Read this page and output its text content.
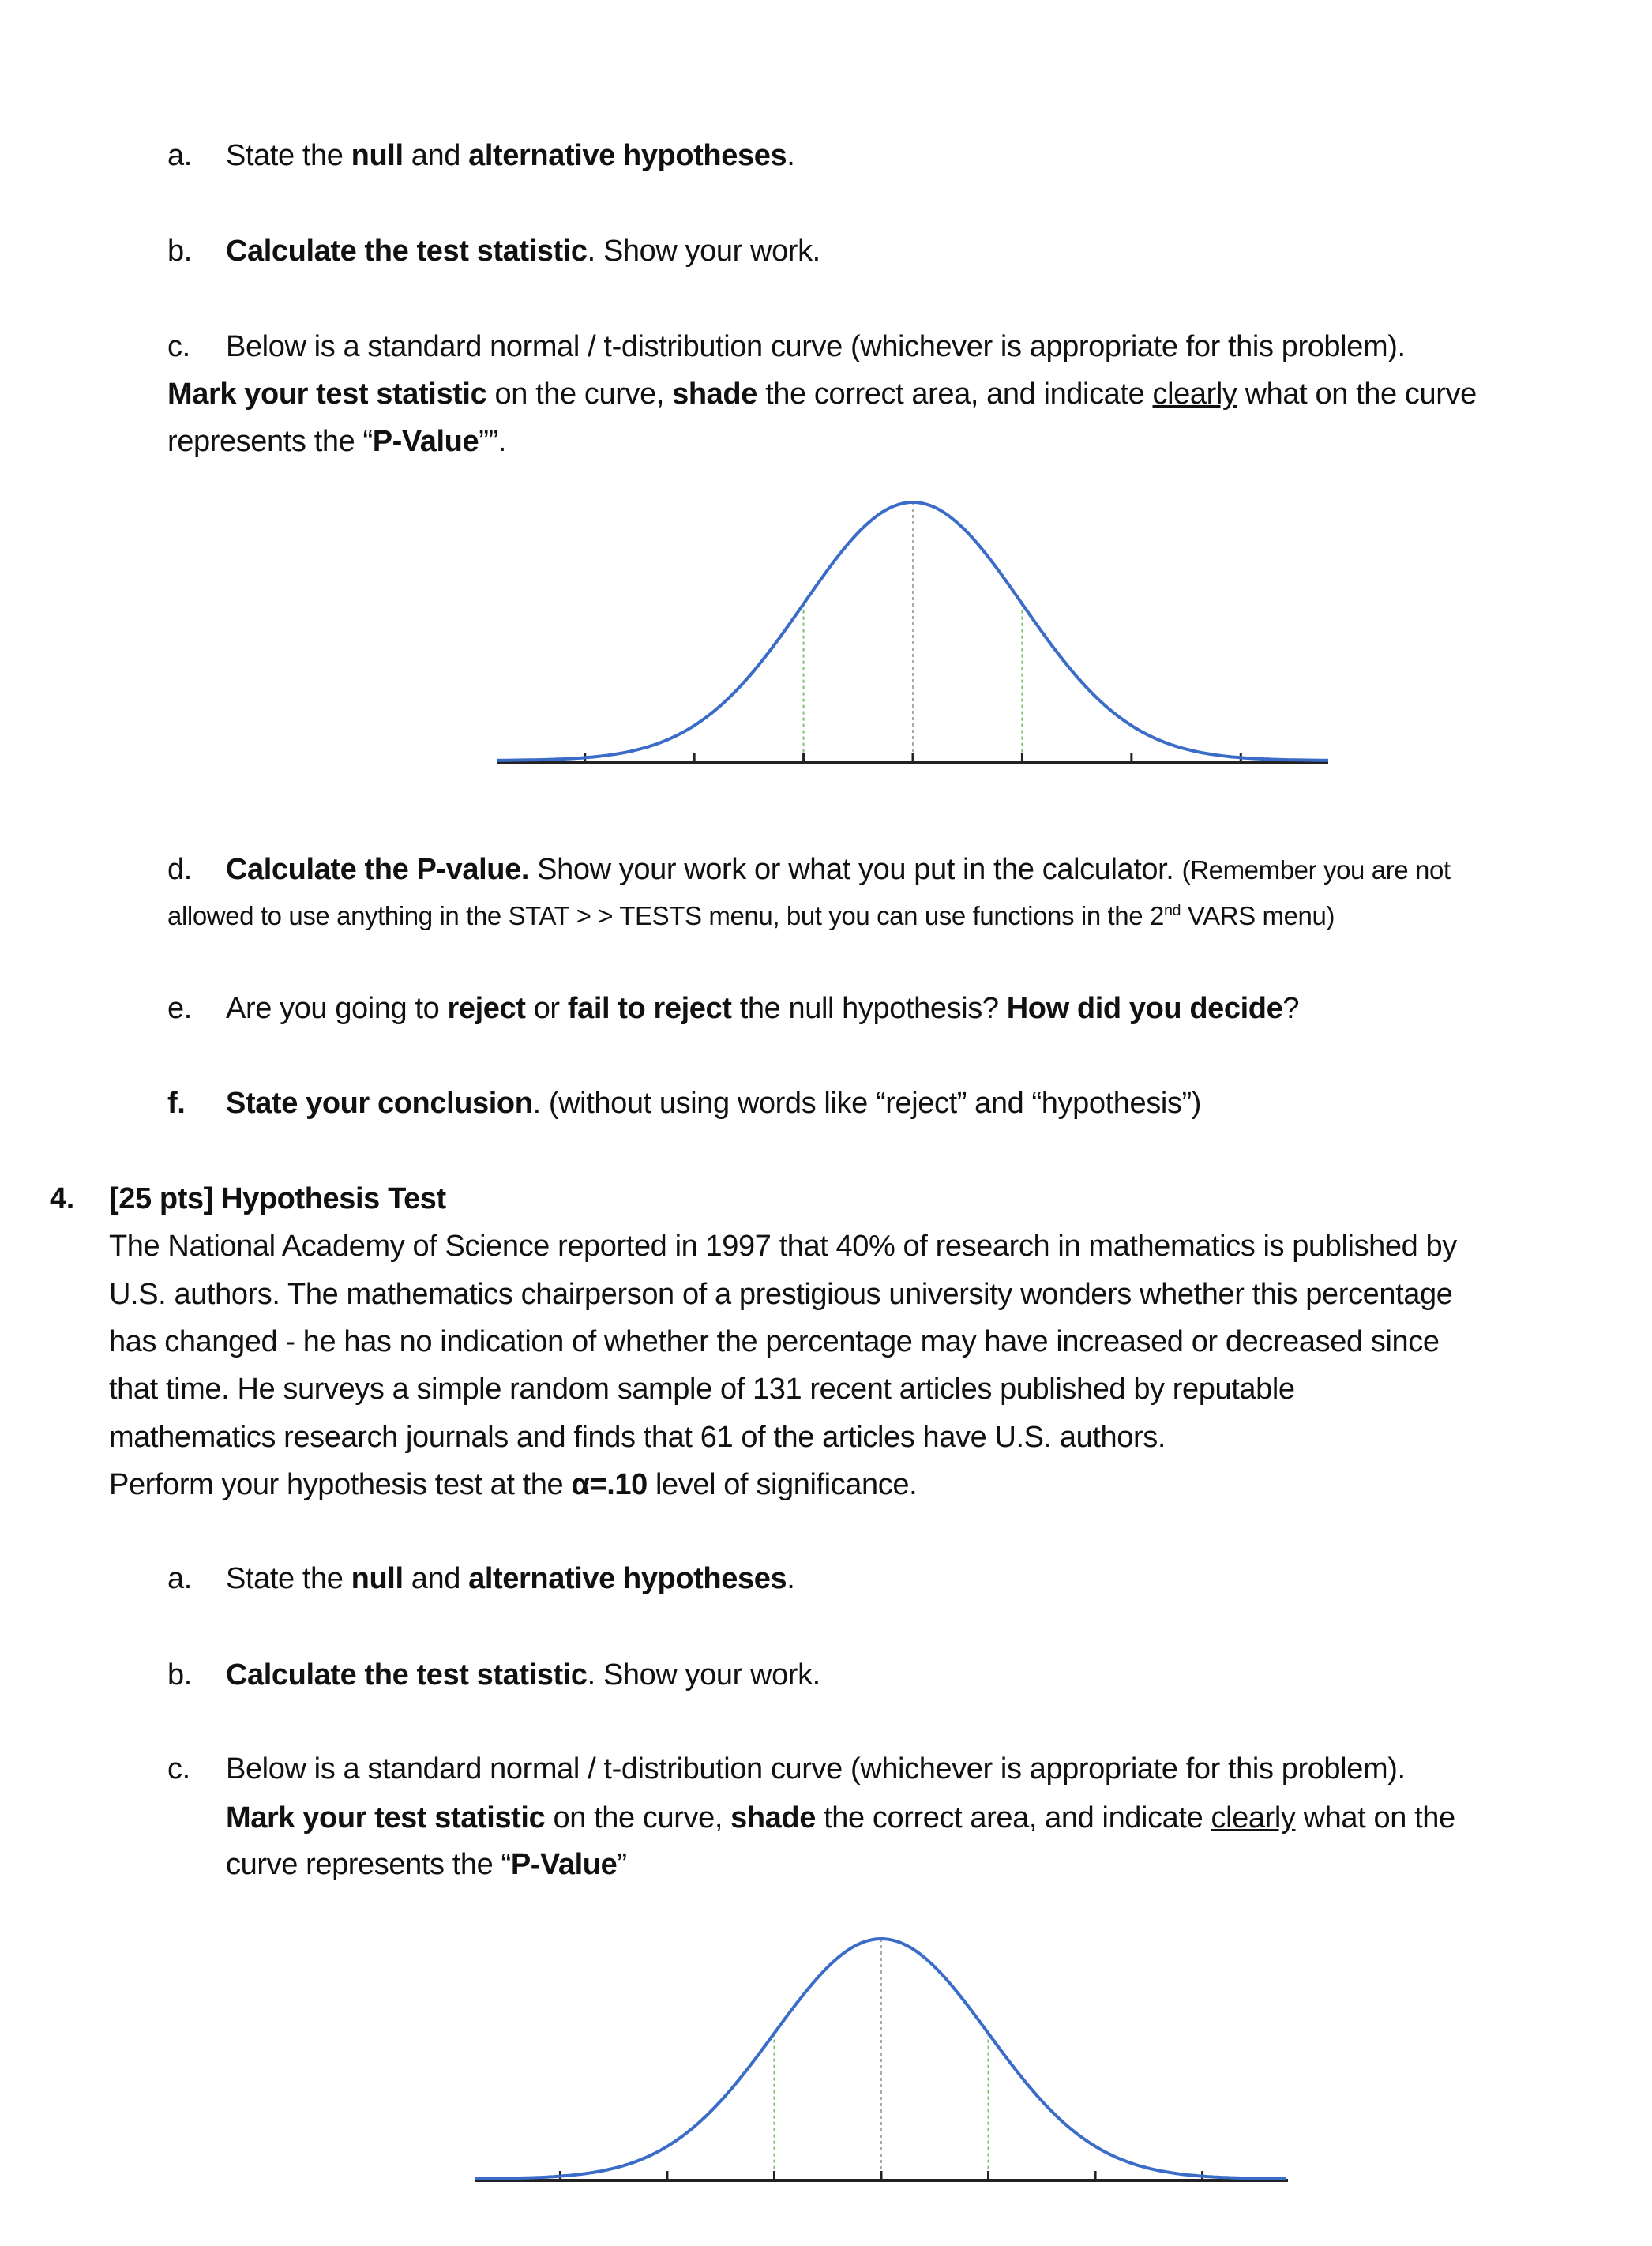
a. State the null and alternative hypotheses.
b. Calculate the test statistic. Show your work.
c. Below is a standard normal / t-distribution curve (whichever is appropriate for this problem).
Mark your test statistic on the curve, shade the correct area, and indicate clearly what on the curve
represents the “P-Value””.
d. Calculate the P-value. Show your work or what you put in the calculator. (Remember you are not
allowed to use anything in the STAT > > TESTS menu, but you can use functions in the 2nd VARS menu)
e. Are you going to reject or fail to reject the null hypothesis? How did you decide?
f. State your conclusion. (without using words like “reject” and “hypothesis”)
4. [25 pts] Hypothesis Test
The National Academy of Science reported in 1997 that 40% of research in mathematics is published by
U.S. authors. The mathematics chairperson of a prestigious university wonders whether this percentage
has changed - he has no indication of whether the percentage may have increased or decreased since
that time. He surveys a simple random sample of 131 recent articles published by reputable
mathematics research journals and finds that 61 of the articles have U.S. authors.
Perform your hypothesis test at the α=.10 level of significance.
a. State the null and alternative hypotheses.
b. Calculate the test statistic. Show your work.
c. Below is a standard normal / t-distribution curve (whichever is appropriate for this problem).
Mark your test statistic on the curve, shade the correct area, and indicate clearly what on the
curve represents the “P-Value”
